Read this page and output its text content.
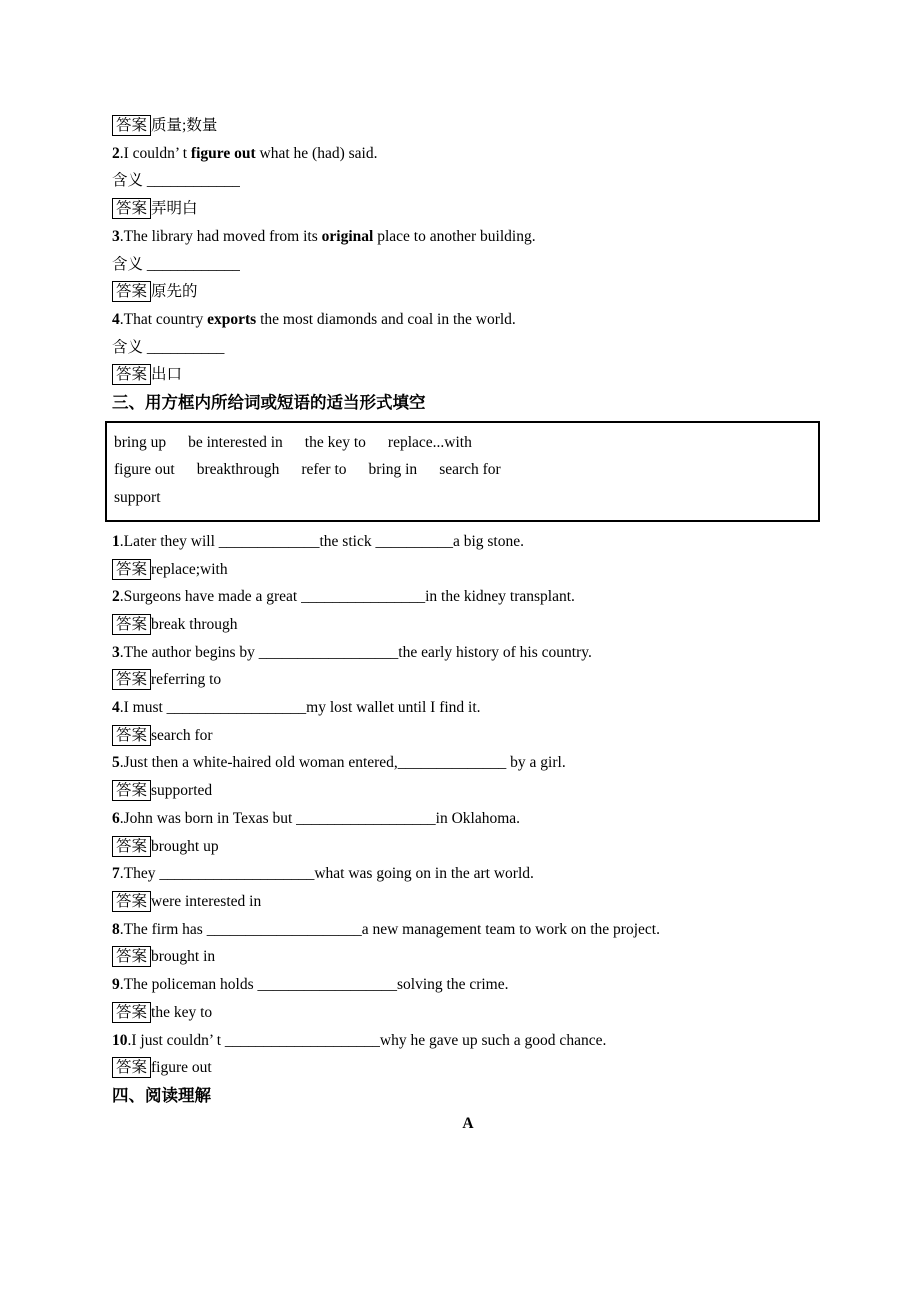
答案 质量;数量
2.I couldn’ t figure out what he (had) said.
含义 ____________
答案 弄明白
3.The library had moved from its original place to another building.
含义 ____________
答案 原先的
4.That country exports the most diamonds and coal in the world.
含义 __________
答案 出口
三、用方框内所给词或短语的适当形式填空
bring up be interested in the key to replace...with
figure out breakthrough refer to bring in search for
support
1.Later they will _____________the stick __________a big stone.
答案 replace;with
2.Surgeons have made a great ________________in the kidney transplant.
答案 break through
3.The author begins by __________________the early history of his country.
答案 referring to
4.I must __________________my lost wallet until I find it.
答案 search for
5.Just then a white-haired old woman entered,______________ by a girl.
答案 supported
6.John was born in Texas but __________________in Oklahoma.
答案 brought up
7.They ____________________what was going on in the art world.
答案 were interested in
8.The firm has ____________________a new management team to work on the project.
答案 brought in
9.The policeman holds __________________solving the crime.
答案 the key to
10.I just couldn’ t ____________________why he gave up such a good chance.
答案 figure out
四、阅读理解
A
